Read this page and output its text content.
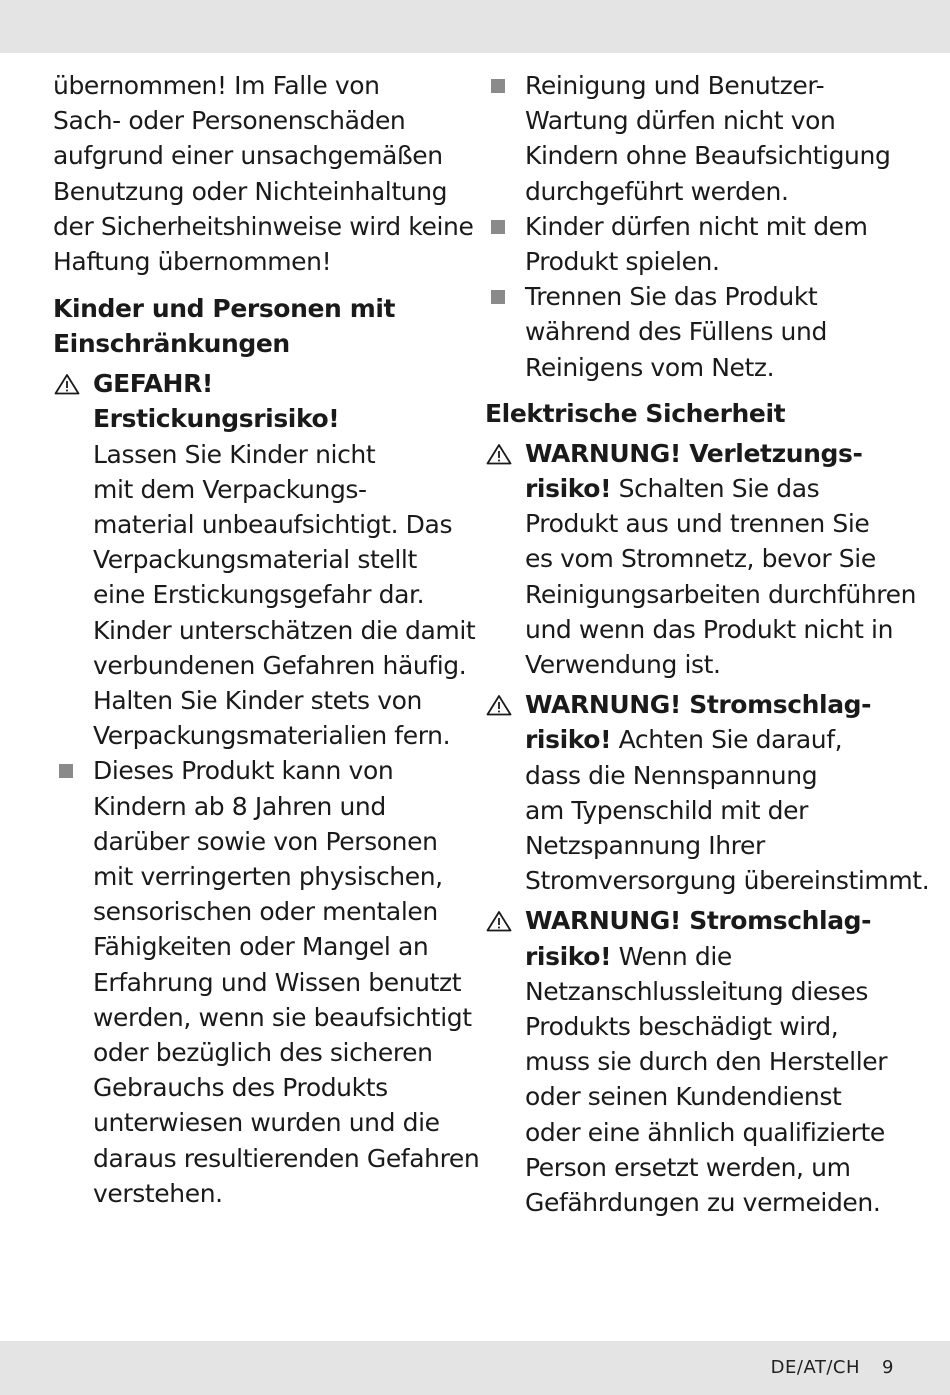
übernommen! Im Falle von
Sach- oder Personenschäden
aufgrund einer unsachgemäßen
Benutzung oder Nichteinhaltung
der Sicherheitshinweise wird keine
Haftung übernommen!
Kinder und Personen mit
Einschränkungen
GEFAHR!
Erstickungsrisiko!
Lassen Sie Kinder nicht
mit dem Verpackungs-
material unbeaufsichtigt. Das
Verpackungsmaterial stellt
eine Erstickungsgefahr dar.
Kinder unterschätzen die damit
verbundenen Gefahren häufig.
Halten Sie Kinder stets von
Verpackungsmaterialien fern.
Dieses Produkt kann von
Kindern ab 8 Jahren und
darüber sowie von Personen
mit verringerten physischen,
sensorischen oder mentalen
Fähigkeiten oder Mangel an
Erfahrung und Wissen benutzt
werden, wenn sie beaufsichtigt
oder bezüglich des sicheren
Gebrauchs des Produkts
unterwiesen wurden und die
daraus resultierenden Gefahren
verstehen.
Reinigung und Benutzer-
Wartung dürfen nicht von
Kindern ohne Beaufsichtigung
durchgeführt werden.
Kinder dürfen nicht mit dem
Produkt spielen.
Trennen Sie das Produkt
während des Füllens und
Reinigens vom Netz.
Elektrische Sicherheit
WARNUNG! Verletzungs-
risiko! Schalten Sie das
Produkt aus und trennen Sie
es vom Stromnetz, bevor Sie
Reinigungsarbeiten durchführen
und wenn das Produkt nicht in
Verwendung ist.
WARNUNG! Stromschlag-
risiko! Achten Sie darauf,
dass die Nennspannung
am Typenschild mit der
Netzspannung Ihrer
Stromversorgung übereinstimmt.
WARNUNG! Stromschlag-
risiko! Wenn die
Netzanschlussleitung dieses
Produkts beschädigt wird,
muss sie durch den Hersteller
oder seinen Kundendienst
oder eine ähnlich qualifizierte
Person ersetzt werden, um
Gefährdungen zu vermeiden.
DE/AT/CH 9
